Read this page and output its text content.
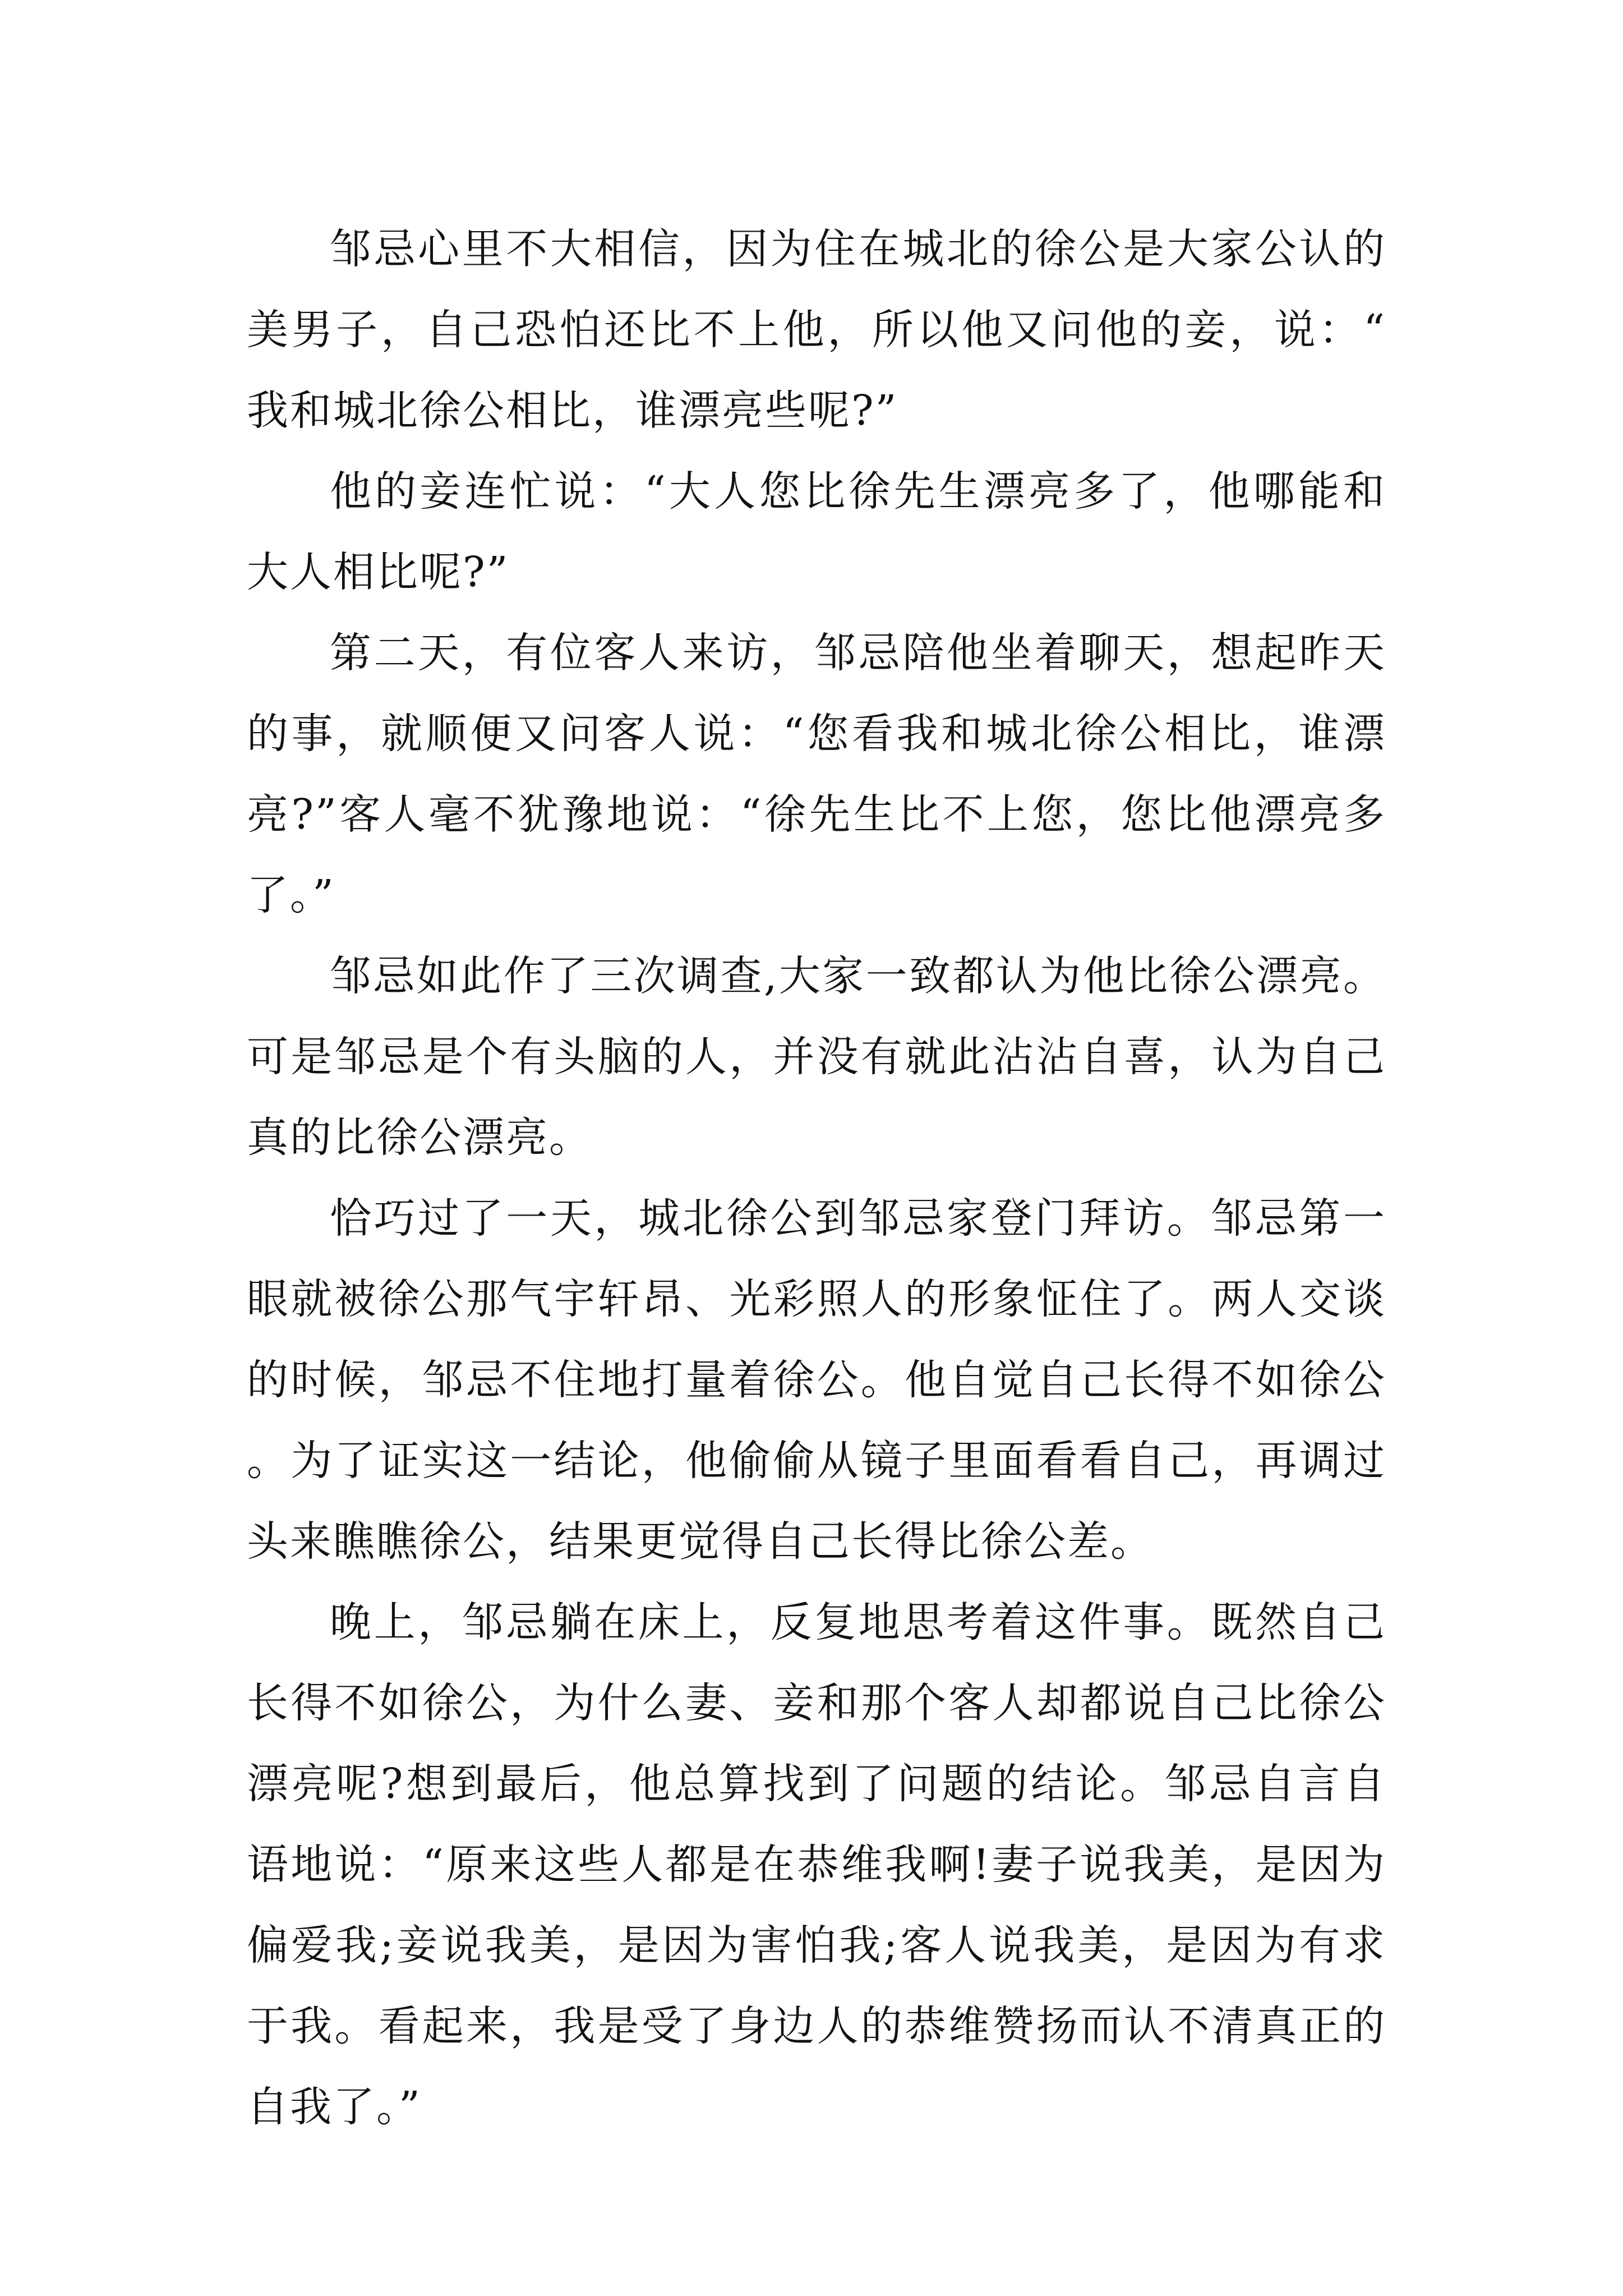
邹忌心里不大相信，因为住在城北的徐公是大家公认的美男子，自己恐怕还比不上他，所以他又问他的妾，说：“我和城北徐公相比，谁漂亮些呢?”

他的妾连忙说：“大人您比徐先生漂亮多了，他哪能和大人相比呢?”

第二天，有位客人来访，邹忌陪他坐着聊天，想起昨天的事，就顺便又问客人说：“您看我和城北徐公相比，谁漂亮?”客人毫不犹豫地说：“徐先生比不上您，您比他漂亮多了。”

邹忌如此作了三次调查,大家一致都认为他比徐公漂亮。可是邹忌是个有头脑的人，并没有就此沾沾自喜，认为自己真的比徐公漂亮。

恰巧过了一天，城北徐公到邹忌家登门拜访。邹忌第一眼就被徐公那气宇轩昂、光彩照人的形象怔住了。两人交谈的时候，邹忌不住地打量着徐公。他自觉自己长得不如徐公。为了证实这一结论，他偷偷从镜子里面看看自己，再调过头来瞧瞧徐公，结果更觉得自己长得比徐公差。

晚上，邹忌躺在床上，反复地思考着这件事。既然自己长得不如徐公，为什么妻、妾和那个客人却都说自己比徐公漂亮呢?想到最后，他总算找到了问题的结论。邹忌自言自语地说：“原来这些人都是在恭维我啊!妻子说我美，是因为偏爱我;妾说我美，是因为害怕我;客人说我美，是因为有求于我。看起来，我是受了身边人的恭维赞扬而认不清真正的自我了。”
